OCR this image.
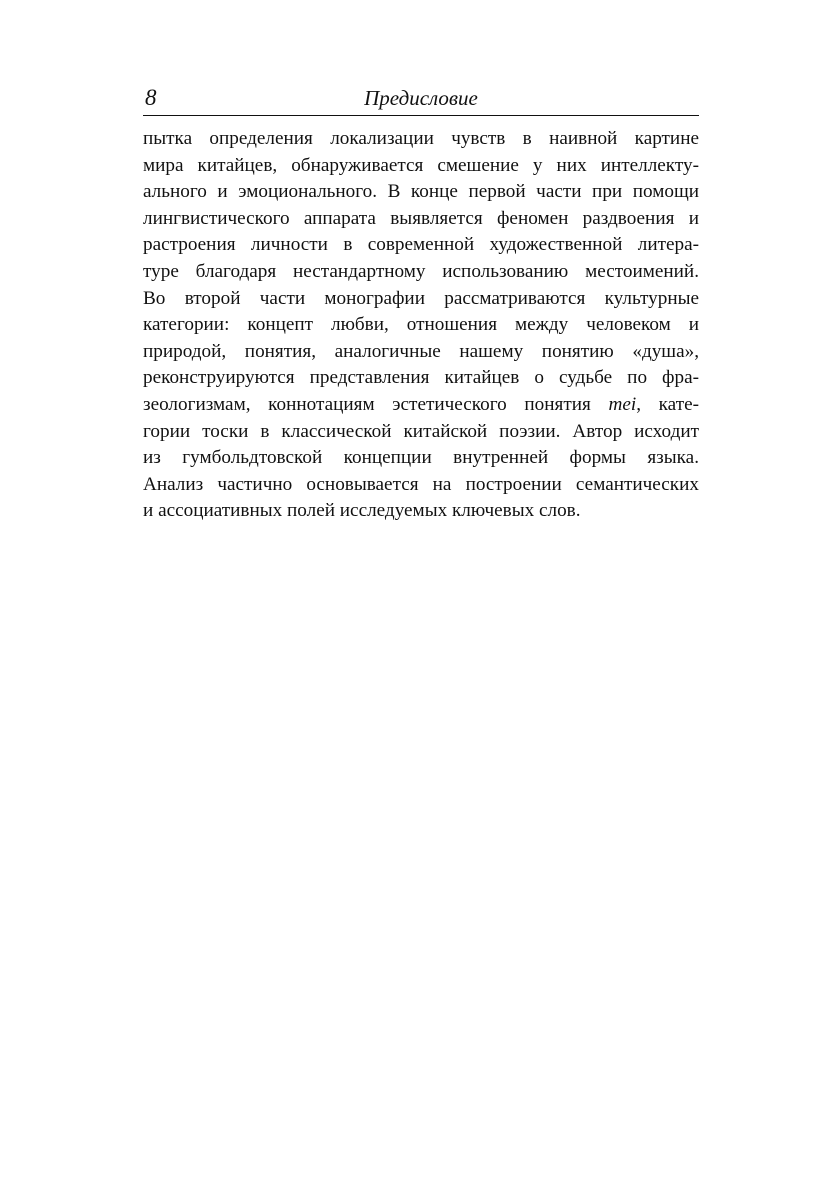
8	Предисловие
пытка определения локализации чувств в наивной картине
мира китайцев, обнаруживается смешение у них интеллекту-
ального и эмоционального. В конце первой части при помощи
лингвистического аппарата выявляется феномен раздвоения и
растроения личности в современной художественной литера-
туре благодаря нестандартному использованию местоимений.
Во второй части монографии рассматриваются культурные
категории: концепт любви, отношения между человеком и
природой, понятия, аналогичные нашему понятию «душа»,
реконструируются представления китайцев о судьбе по фра-
зеологизмам, коннотациям эстетического понятия mei, кате-
гории тоски в классической китайской поэзии. Автор исходит
из гумбольдтовской концепции внутренней формы языка.
Анализ частично основывается на построении семантических
и ассоциативных полей исследуемых ключевых слов.
